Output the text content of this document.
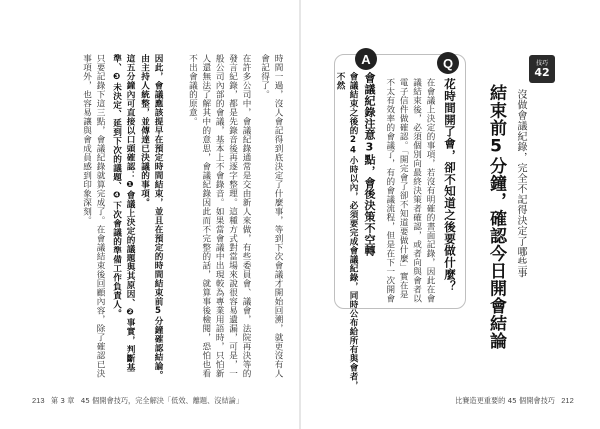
時間一過，沒人會記得到底決定了什麼事，等到下次會議才開始回溯，就更沒有人會記得了。
在許多公司中，會議紀錄通常是交由新人來做，有些委員會、議會，法院再決等的發言紀錄，都是先錄音後再逐字整理。這種方式對當場來說很容易遺漏，可是，一般公司內部的會議，基本上不會錄音。如果當會議中出現較為專業用語時，只怕新人還無法了解其中的意思，會議紀錄因此而不完整的話，就算事後檢閱，恐怕也看不出會議的原意。
因此，會議應該提早在預定時間結束，並且在預定的時間結束前5分鐘確認結論。由主持人統整，並傳達已決議的事項。
這五分鐘內可直接以口頭確認：❶會議上決定的議題與其原因、❷事實，判斷基準、❸未決定、延到下次的議題、❹下次會議的準備工作負責人。
只要記錄下這三點，會議紀錄就算完成了。在會議結束後回顧內容，除了確認已決事項外，也容易讓與會成員感到印象深刻。
213 第 3 章 45 個開會技巧，完全解決「低效、離題、沒結論」
技巧
42
沒做會議紀錄，完全不記得決定了哪些事
結束前5分鐘，確認今日開會結論
Q
花時間開了會，卻不知道之後要做什麼？
在會議上決定的事項，若沒有明確的書面記錄，因此在會議結束後，必須個別向最終決策者確認，或者向與會者以電子信件做確認。「開完會了卻不知道要做什麼」實在是不太有效率的會議了，有的會議流程，但是在下一次開會
A
會議紀錄注意3點，會後決策不空轉
會議結束之後的24小時以內，必須要完成會議紀錄，同時公布給所有與會者，不然
比賽造更重要的 45 個開會技巧 212
